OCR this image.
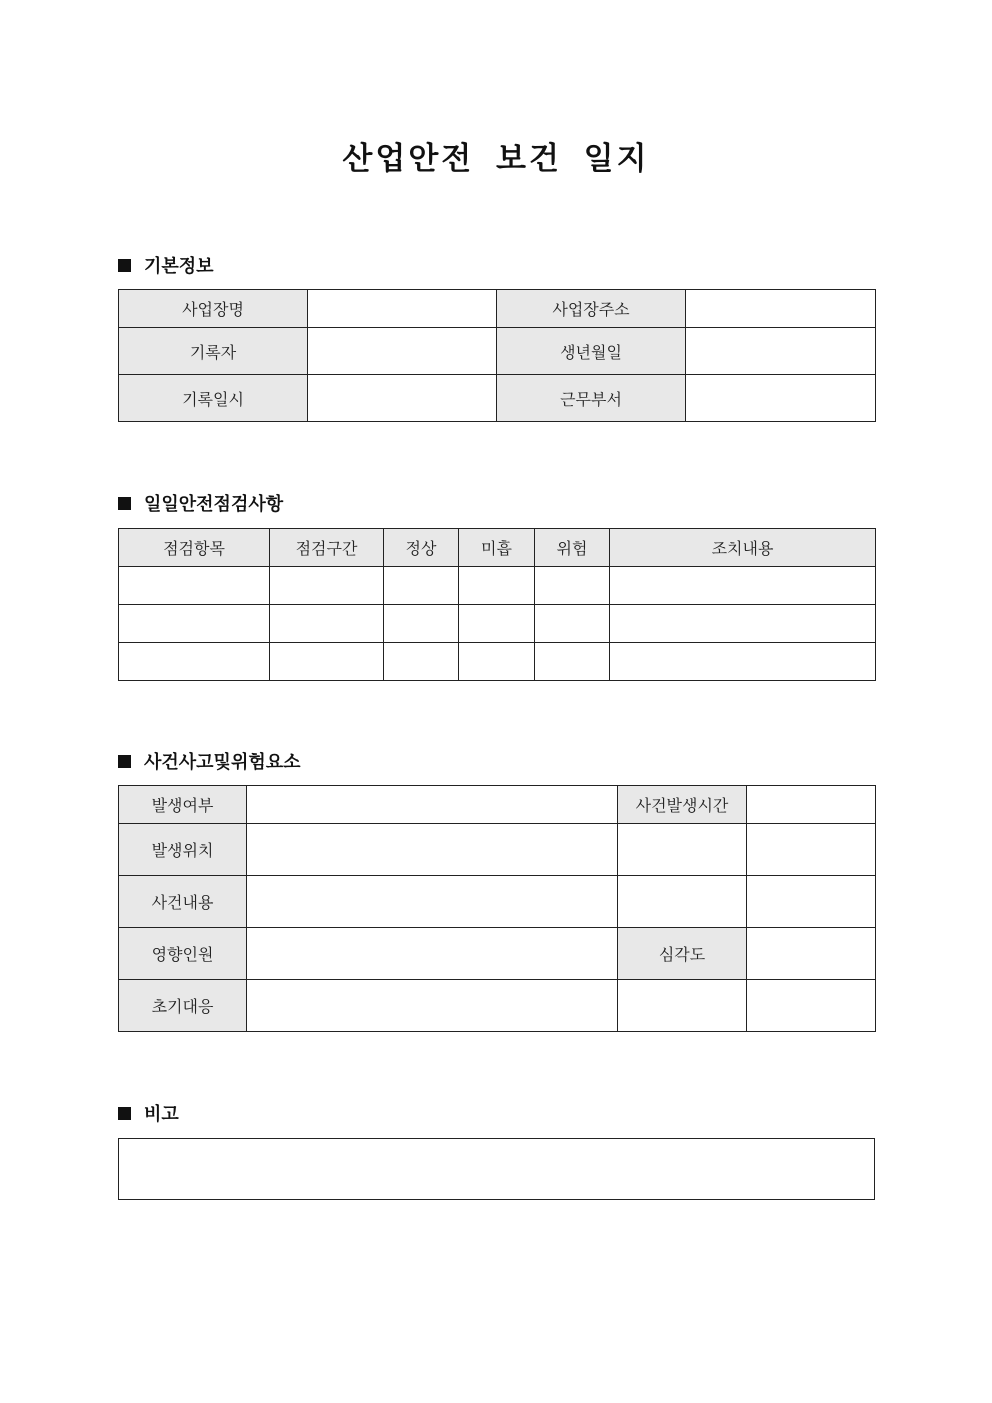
산업안전 보건 일지
기본정보
사업장명		사업장주소	
기록자		생년월일	
기록일시		근무부서	
일일안전점검사항
점검항목	점검구간	정상	미흡	위험	조치내용

사건사고및위험요소
발생여부		사건발생시간	
발생위치			
사건내용			
영향인원		심각도	
초기대응			
비고
